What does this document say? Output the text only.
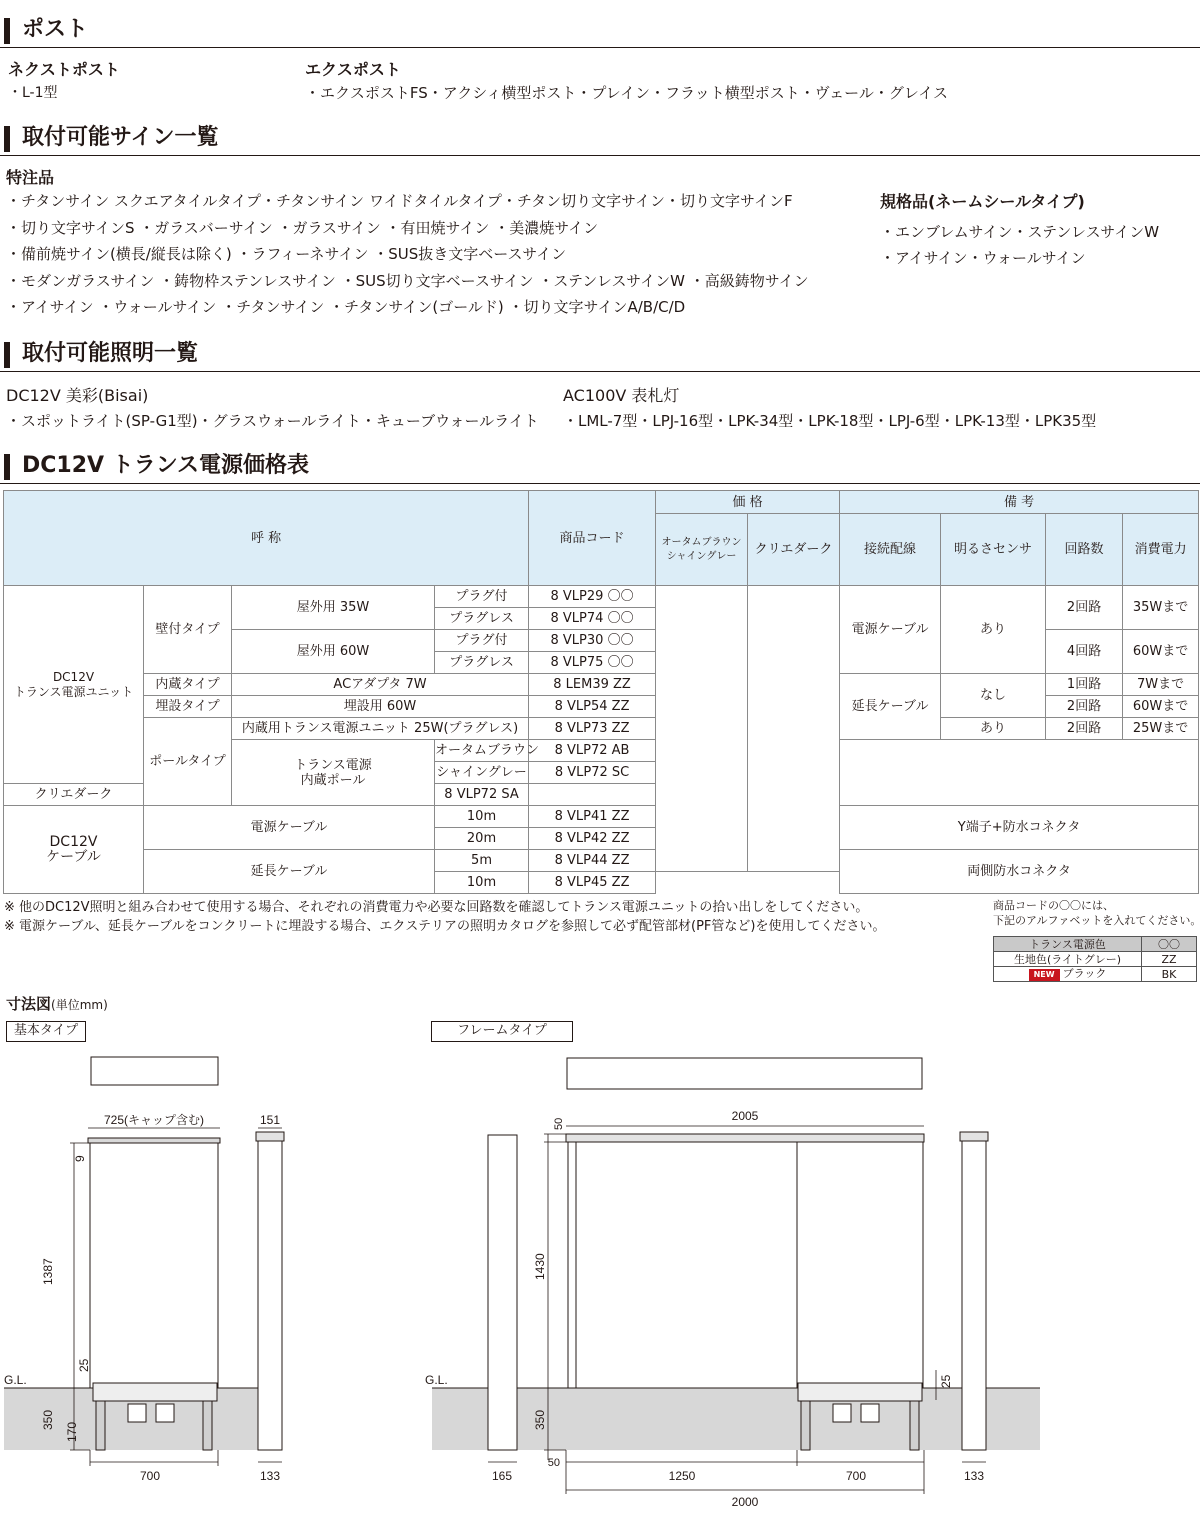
ポスト
ネクストポスト
・L-1型
エクスポスト
・エクスポストFS・アクシィ横型ポスト・プレイン・フラット横型ポスト・ヴェール・グレイス
取付可能サイン一覧
特注品
・チタンサイン スクエアタイルタイプ・チタンサイン ワイドタイルタイプ・チタン切り文字サイン・切り文字サインF
・切り文字サインS ・ガラスバーサイン ・ガラスサイン ・有田焼サイン ・美濃焼サイン
・備前焼サイン(横長/縦長は除く) ・ラフィーネサイン ・SUS抜き文字ベースサイン
・モダンガラスサイン ・鋳物枠ステンレスサイン ・SUS切り文字ベースサイン ・ステンレスサインW ・高級鋳物サイン
・アイサイン ・ウォールサイン ・チタンサイン ・チタンサイン(ゴールド) ・切り文字サインA/B/C/D
規格品(ネームシールタイプ)
・エンブレムサイン・ステンレスサインW
・アイサイン・ウォールサイン
取付可能照明一覧
DC12V 美彩(Bisai)
・スポットライト(SP-G1型)・グラスウォールライト・キューブウォールライト
AC100V 表札灯
・LML-7型・LPJ-16型・LPK-34型・LPK-18型・LPJ-6型・LPK-13型・LPK35型
DC12V トランス電源価格表
呼 称				商品コード	価 格		備 考			
					オータムブラウン
シャイングレー	クリエダーク	接続配線	明るさセンサ	回路数	消費電力
DC12V
トランス電源ユニット	壁付タイプ	屋外用 35W	プラグ付	8 VLP29 〇〇			電源ケーブル	あり	2回路	35Wまで
			プラグレス	8 VLP74 〇〇						
		屋外用 60W	プラグ付	8 VLP30 〇〇					4回路	60Wまで
			プラグレス	8 VLP75 〇〇						
	内蔵タイプ	ACアダプタ 7W		8 LEM39 ZZ			延長ケーブル	なし	1回路	7Wまで
	埋設タイプ	埋設用 60W		8 VLP54 ZZ					2回路	60Wまで
	ポールタイプ	内蔵用トランス電源ユニット 25W(プラグレス)		8 VLP73 ZZ				あり	2回路	25Wまで
		トランス電源
内蔵ポール	オータムブラウン	8 VLP72 AB						
			シャイングレー	8 VLP72 SC						
クリエダーク			8 VLP72 SA							
DC12V
ケーブル	電源ケーブル		10m	8 VLP41 ZZ			Y端子+防水コネクタ			
			20m	8 VLP42 ZZ						
	延長ケーブル		5m	8 VLP44 ZZ			両側防水コネクタ			
			10m	8 VLP45 ZZ						
※ 他のDC12V照明と組み合わせて使用する場合、それぞれの消費電力や必要な回路数を確認してトランス電源ユニットの拾い出しをしてください。
※ 電源ケーブル、延長ケーブルをコンクリートに埋設する場合、エクステリアの照明カタログを参照して必ず配管部材(PF管など)を使用してください。
商品コードの〇〇には、
下記のアルファベットを入れてください。
トランス電源色	〇〇
生地色(ライトグレー)	ZZ
NEW ブラック	BK
寸法図(単位mm)
基本タイプ	フレームタイプ
G.L.	G.L.
725(キャップ含む)	151
9
1387
25
350
170
700	133
2005
50
1430
350
50
25
165	1250	700	133
2000
